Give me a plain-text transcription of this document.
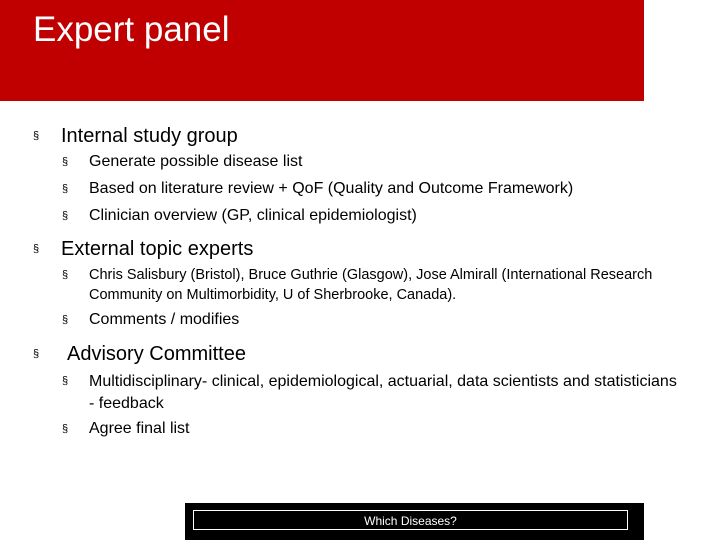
Expert panel
§ Internal study group
§ Generate possible disease list
§ Based on literature review + QoF (Quality and Outcome Framework)
§ Clinician overview (GP, clinical epidemiologist)
§ External topic experts
§ Chris Salisbury (Bristol), Bruce Guthrie (Glasgow), Jose Almirall (International Research Community on Multimorbidity, U of Sherbrooke, Canada).
§ Comments / modifies
§ Advisory Committee
§ Multidisciplinary- clinical, epidemiological, actuarial, data scientists and statisticians - feedback
§ Agree final list
Which Diseases?
